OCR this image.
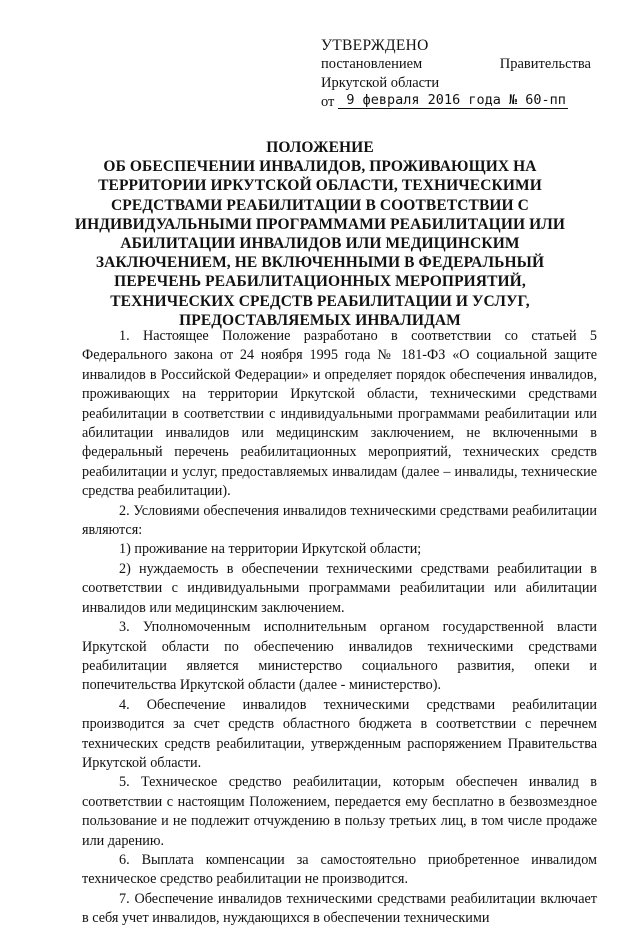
УТВЕРЖДЕНО
постановлением	Правительства
Иркутской области
от 9 февраля 2016 года № 60-пп
ПОЛОЖЕНИЕ
ОБ ОБЕСПЕЧЕНИИ ИНВАЛИДОВ, ПРОЖИВАЮЩИХ НА
ТЕРРИТОРИИ ИРКУТСКОЙ ОБЛАСТИ, ТЕХНИЧЕСКИМИ
СРЕДСТВАМИ РЕАБИЛИТАЦИИ В СООТВЕТСТВИИ С
ИНДИВИДУАЛЬНЫМИ ПРОГРАММАМИ РЕАБИЛИТАЦИИ ИЛИ
АБИЛИТАЦИИ ИНВАЛИДОВ ИЛИ МЕДИЦИНСКИМ
ЗАКЛЮЧЕНИЕМ, НЕ ВКЛЮЧЕННЫМИ В ФЕДЕРАЛЬНЫЙ
ПЕРЕЧЕНЬ РЕАБИЛИТАЦИОННЫХ МЕРОПРИЯТИЙ,
ТЕХНИЧЕСКИХ СРЕДСТВ РЕАБИЛИТАЦИИ И УСЛУГ,
ПРЕДОСТАВЛЯЕМЫХ ИНВАЛИДАМ

1. Настоящее Положение разработано в соответствии со статьей 5 Федерального закона от 24 ноября 1995 года № 181-ФЗ «О социальной защите инвалидов в Российской Федерации» и определяет порядок обеспечения инвалидов, проживающих на территории Иркутской области, техническими средствами реабилитации в соответствии с индивидуальными программами реабилитации или абилитации инвалидов или медицинским заключением, не включенными в федеральный перечень реабилитационных мероприятий, технических средств реабилитации и услуг, предоставляемых инвалидам (далее – инвалиды, технические средства реабилитации).

2. Условиями обеспечения инвалидов техническими средствами реабилитации являются:

1) проживание на территории Иркутской области;

2) нуждаемость в обеспечении техническими средствами реабилитации в соответствии с индивидуальными программами реабилитации или абилитации инвалидов или медицинским заключением.

3. Уполномоченным исполнительным органом государственной власти Иркутской области по обеспечению инвалидов техническими средствами реабилитации является министерство социального развития, опеки и попечительства Иркутской области (далее - министерство).

4. Обеспечение инвалидов техническими средствами реабилитации производится за счет средств областного бюджета в соответствии с перечнем технических средств реабилитации, утвержденным распоряжением Правительства Иркутской области.

5. Техническое средство реабилитации, которым обеспечен инвалид в соответствии с настоящим Положением, передается ему бесплатно в безвозмездное пользование и не подлежит отчуждению в пользу третьих лиц, в том числе продаже или дарению.

6. Выплата компенсации за самостоятельно приобретенное инвалидом техническое средство реабилитации не производится.

7. Обеспечение инвалидов техническими средствами реабилитации включает в себя учет инвалидов, нуждающихся в обеспечении техническими
